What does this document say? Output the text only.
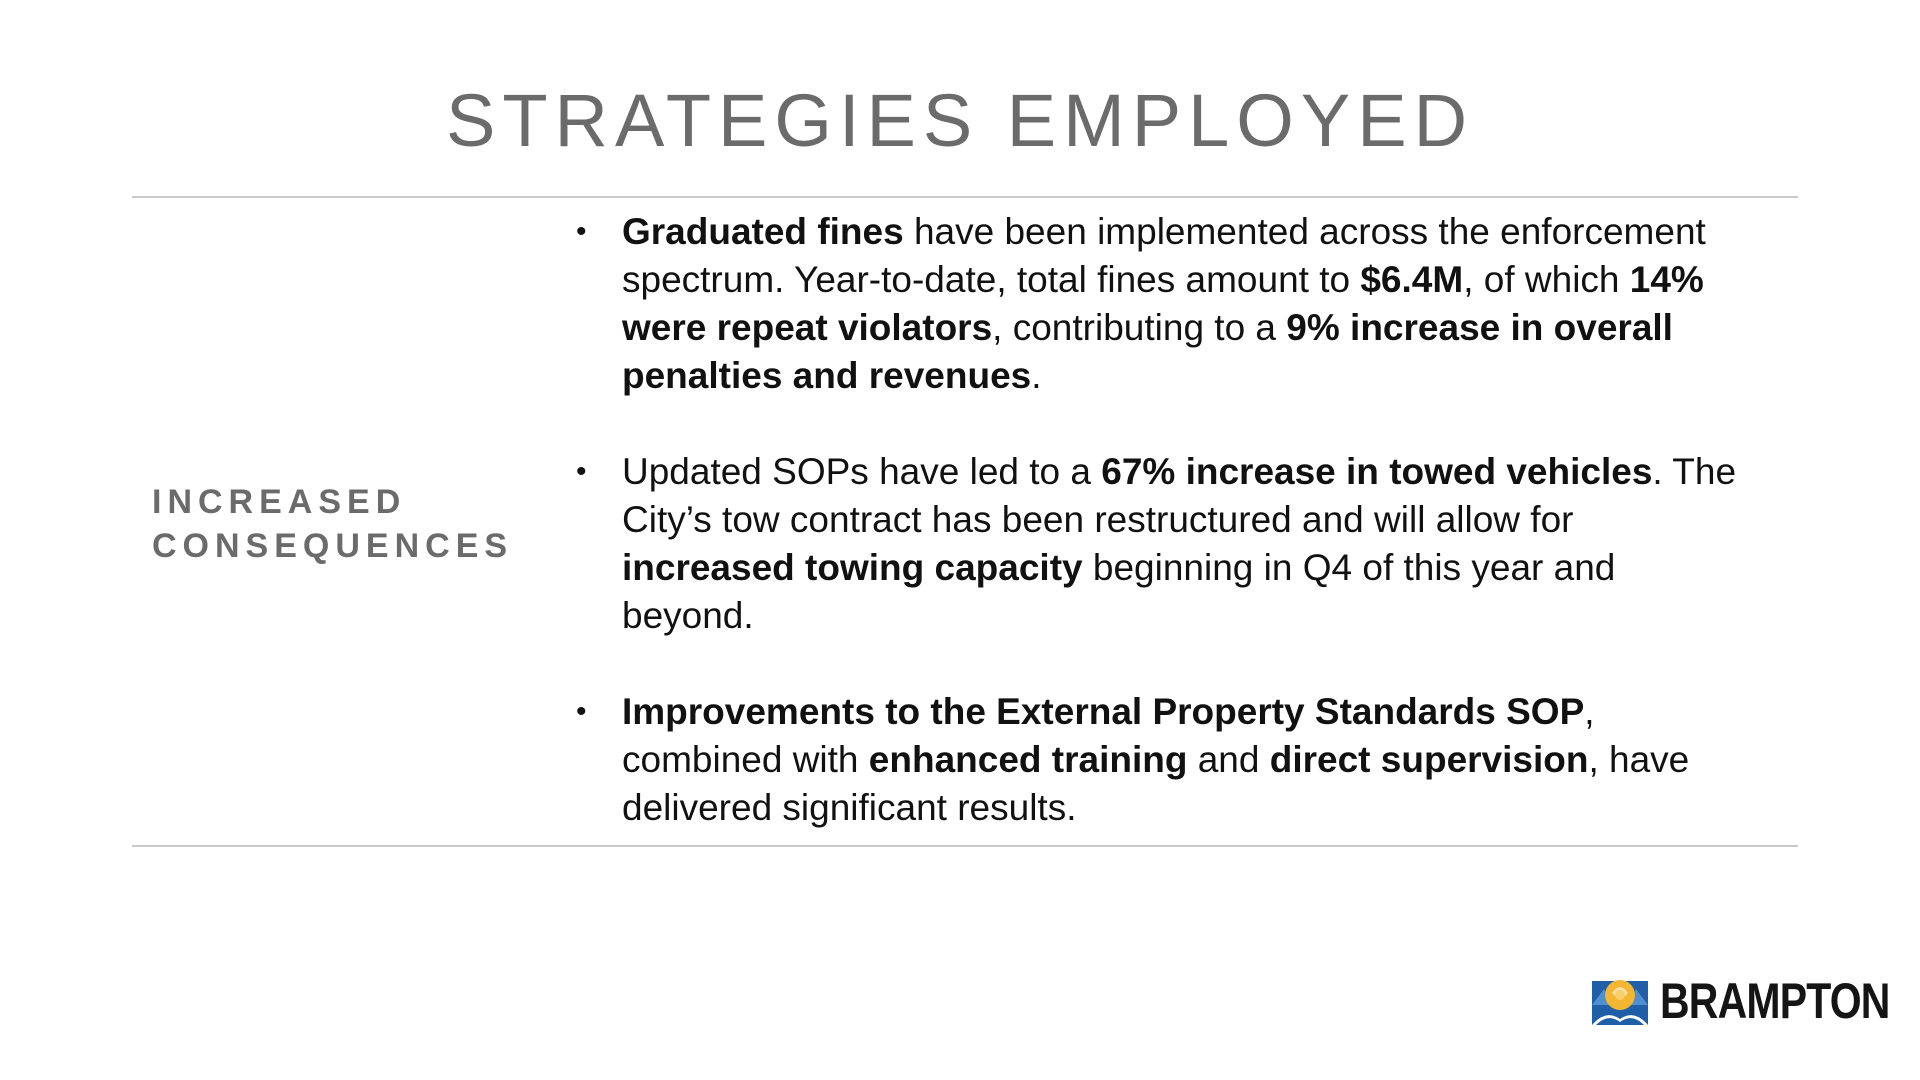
STRATEGIES EMPLOYED
INCREASED
CONSEQUENCES
• Graduated fines have been implemented across the enforcement spectrum. Year-to-date, total fines amount to $6.4M, of which 14% were repeat violators, contributing to a 9% increase in overall penalties and revenues.
• Updated SOPs have led to a 67% increase in towed vehicles. The City’s tow contract has been restructured and will allow for increased towing capacity beginning in Q4 of this year and beyond.
• Improvements to the External Property Standards SOP, combined with enhanced training and direct supervision, have delivered significant results.
BRAMPTON
